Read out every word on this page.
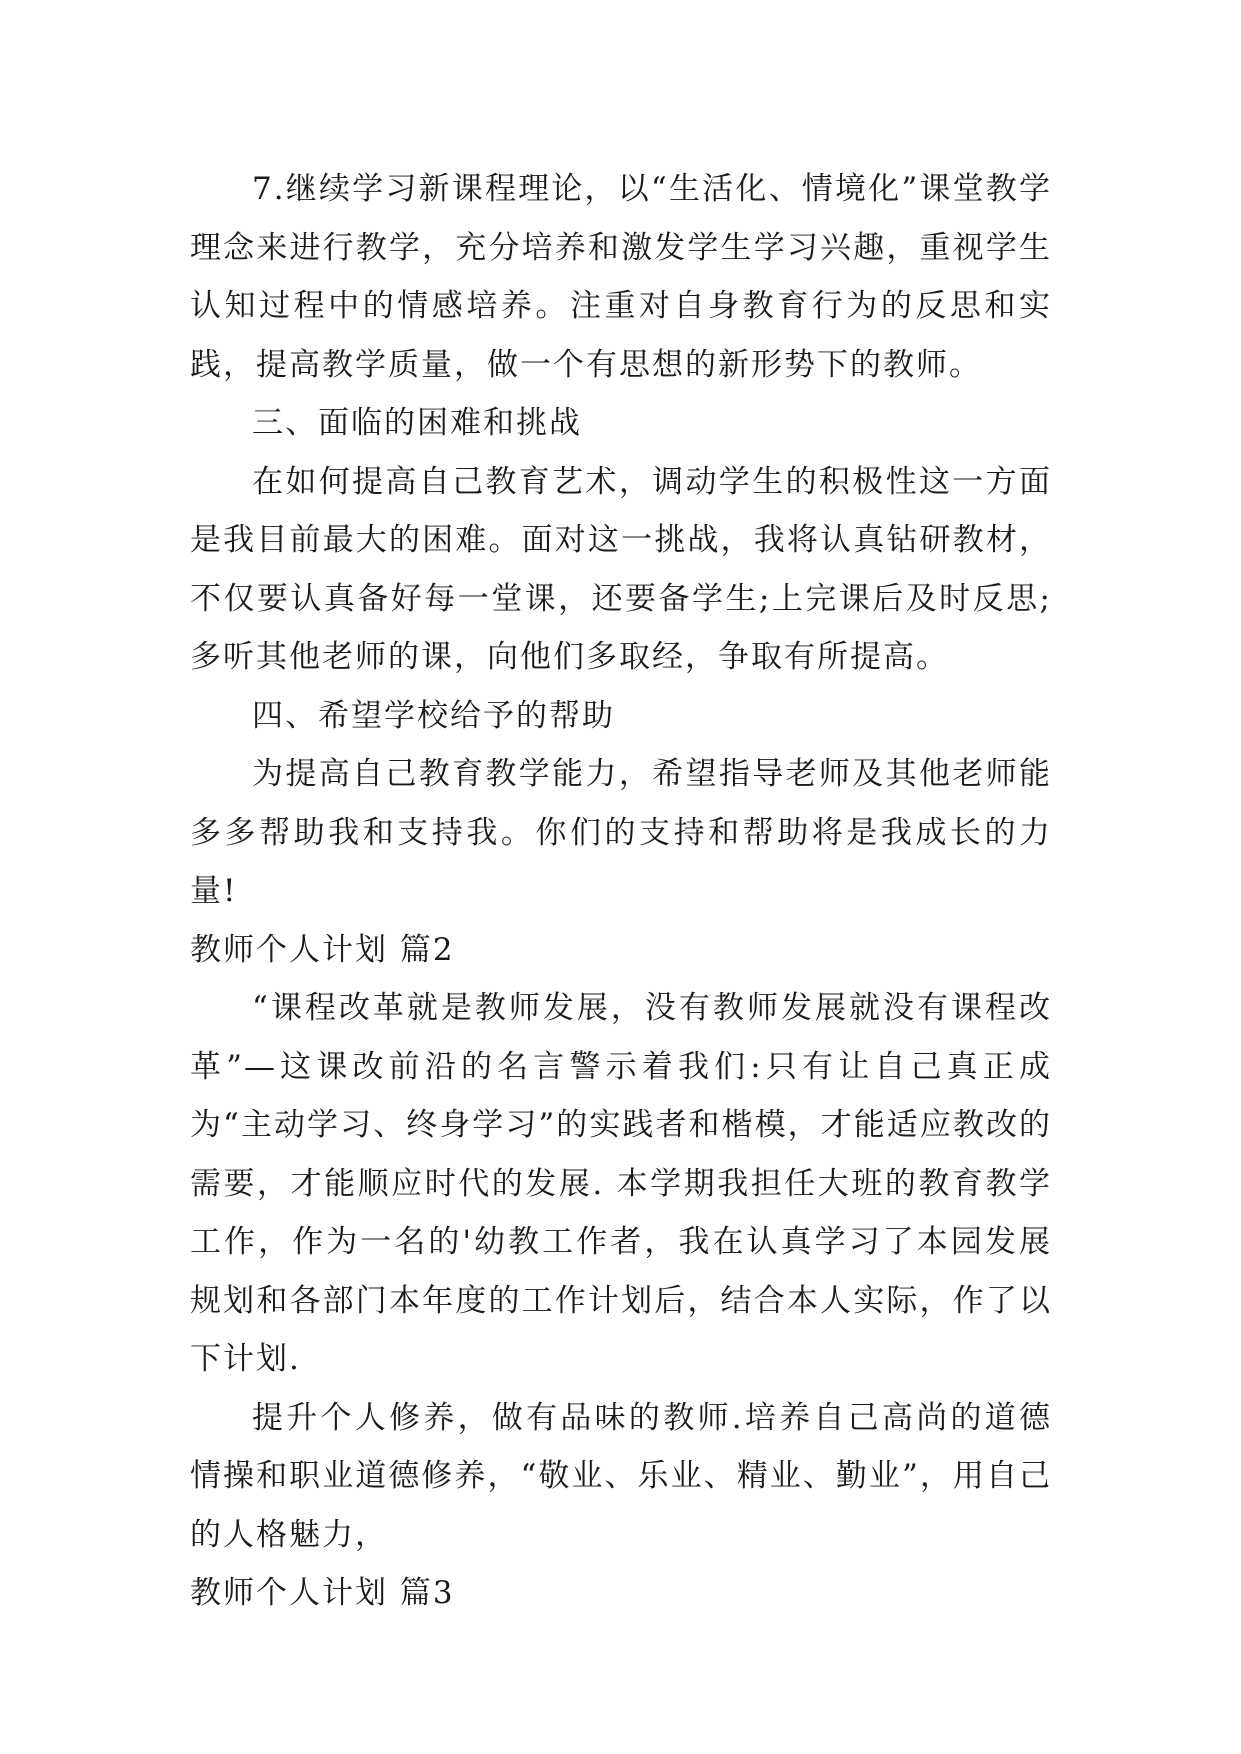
7.继续学习新课程理论，以“生活化、情境化”课堂教学理念来进行教学，充分培养和激发学生学习兴趣，重视学生认知过程中的情感培养。注重对自身教育行为的反思和实践，提高教学质量，做一个有思想的新形势下的教师。

三、面临的困难和挑战

在如何提高自己教育艺术，调动学生的积极性这一方面是我目前最大的困难。面对这一挑战，我将认真钻研教材，不仅要认真备好每一堂课，还要备学生;上完课后及时反思;多听其他老师的课，向他们多取经，争取有所提高。

四、希望学校给予的帮助

为提高自己教育教学能力，希望指导老师及其他老师能多多帮助我和支持我。你们的支持和帮助将是我成长的力量!

教师个人计划 篇2

“课程改革就是教师发展，没有教师发展就没有课程改革”—这课改前沿的名言警示着我们:只有让自己真正成为“主动学习、终身学习”的实践者和楷模，才能适应教改的需要，才能顺应时代的发展. 本学期我担任大班的教育教学工作，作为一名的'幼教工作者，我在认真学习了本园发展规划和各部门本年度的工作计划后，结合本人实际，作了以下计划.

提升个人修养，做有品味的教师.培养自己高尚的道德情操和职业道德修养，“敬业、乐业、精业、勤业”，用自己的人格魅力，

教师个人计划 篇3
